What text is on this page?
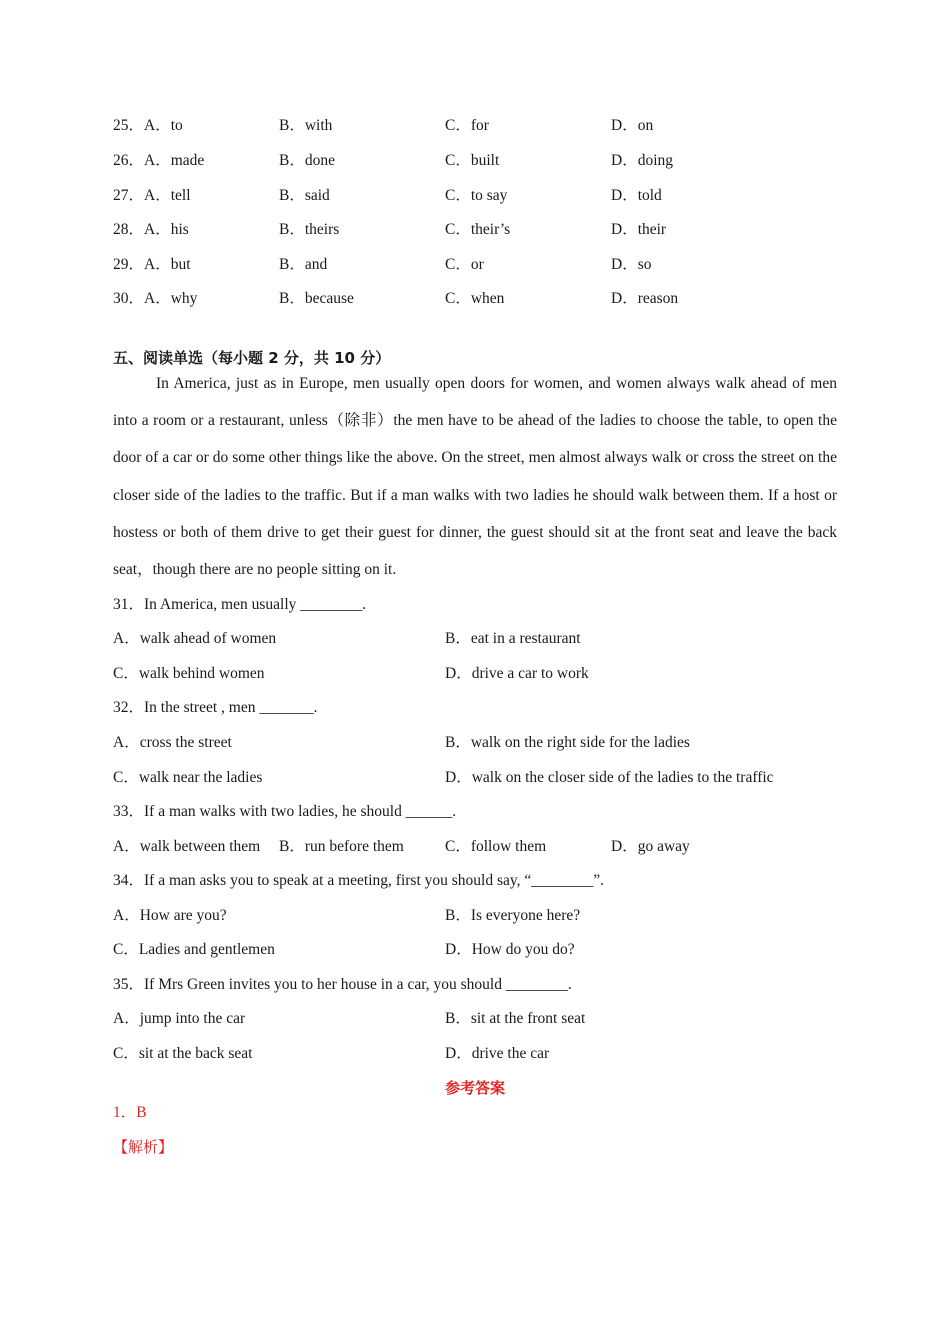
25．A．to	B．with	C．for	D．on
26．A．made	B．done	C．built	D．doing
27．A．tell	B．said	C．to say	D．told
28．A．his	B．theirs	C．their’s	D．their
29．A．but	B．and	C．or	D．so
30．A．why	B．because	C．when	D．reason
五、阅读单选（每小题 2 分，共 10 分）
In America, just as in Europe, men usually open doors for women, and women always walk ahead of men into a room or a restaurant, unless（除非）the men have to be ahead of the ladies to choose the table, to open the door of a car or do some other things like the above. On the street, men almost always walk or cross the street on the closer side of the ladies to the traffic. But if a man walks with two ladies he should walk between them. If a host or hostess or both of them drive to get their guest for dinner, the guest should sit at the front seat and leave the back seat，though there are no people sitting on it.
31．In America, men usually ________.
A．walk ahead of women	B．eat in a restaurant
C．walk behind women	D．drive a car to work
32．In the street , men _______.
A．cross the street	B．walk on the right side for the ladies
C．walk near the ladies	D．walk on the closer side of the ladies to the traffic
33．If a man walks with two ladies, he should ______.
A．walk between them B．run before them	C．follow them	D．go away
34．If a man asks you to speak at a meeting, first you should say, “________”.
A．How are you?	B．Is everyone here?
C．Ladies and gentlemen	D．How do you do?
35．If Mrs Green invites you to her house in a car, you should ________.
A．jump into the car	B．sit at the front seat
C．sit at the back seat	D．drive the car
参考答案
1．B
【解析】
